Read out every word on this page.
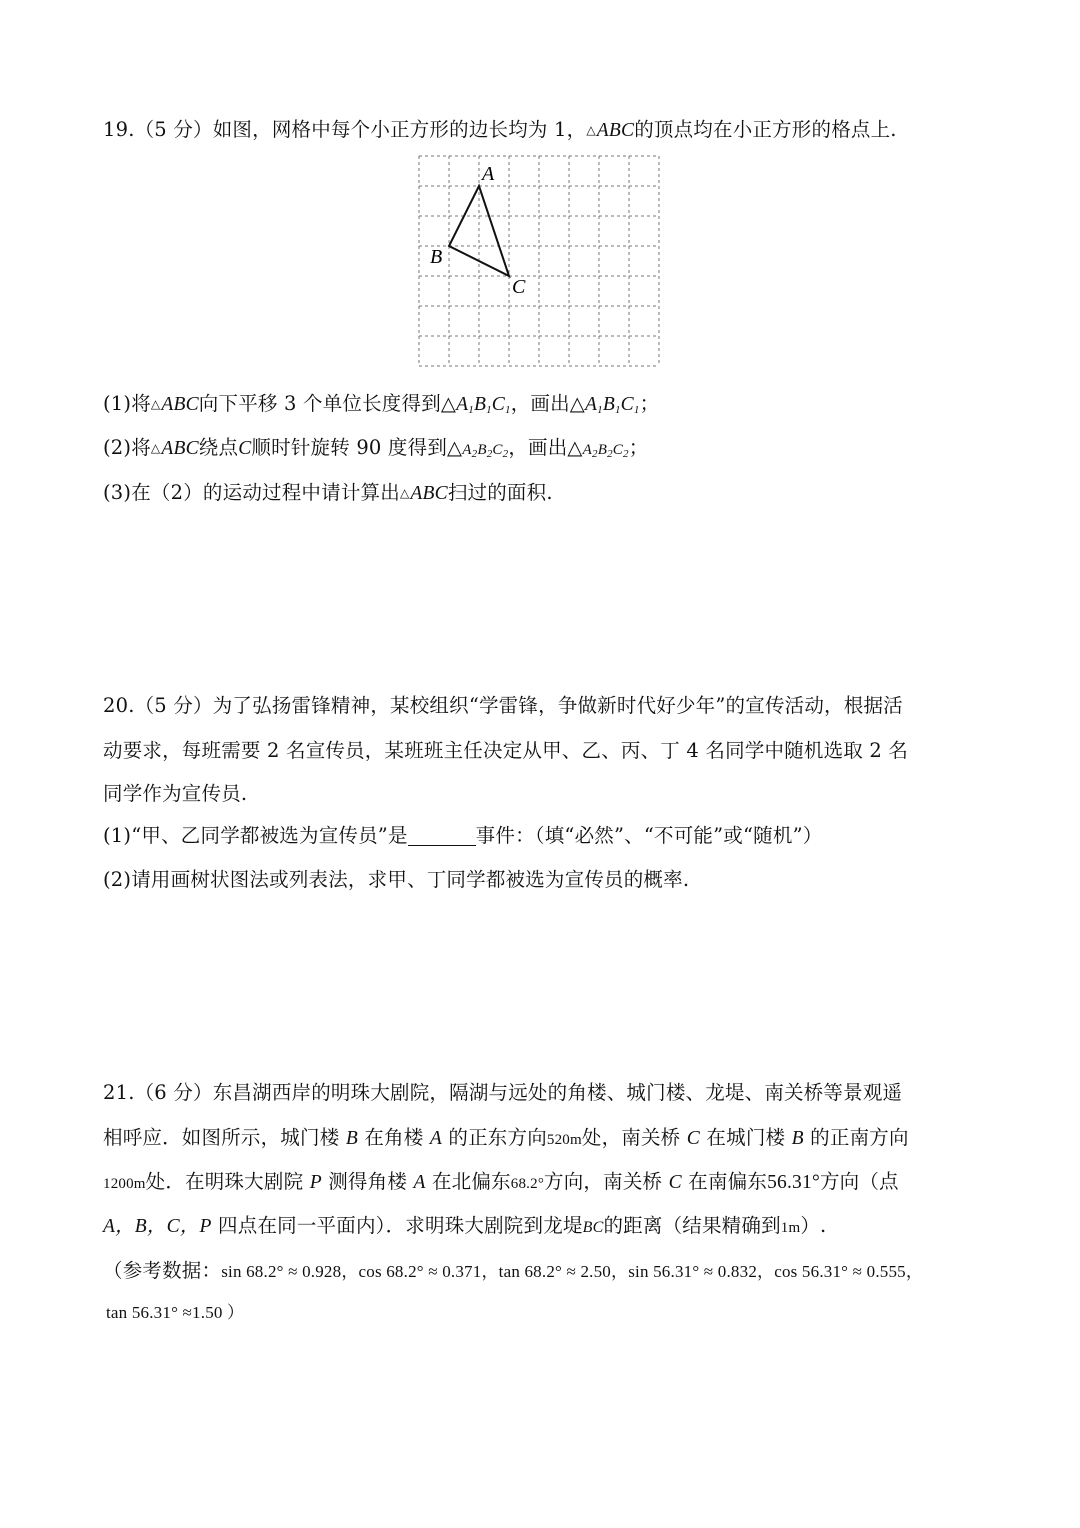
19.（5 分）如图，网格中每个小正方形的边长均为 1，△ABC的顶点均在小正方形的格点上.
A
B
C
(1)将△ABC向下平移 3 个单位长度得到$\triangle A_1B_1C_1$，画出$\triangle A_1B_1C_1$；
(2)将△ABC绕点C顺时针旋转 90 度得到$\triangle A_2B_2C_2$，画出$\triangle A_2B_2C_2$；
(3)在（2）的运动过程中请计算出△ABC扫过的面积.
20.（5 分）为了弘扬雷锋精神，某校组织“学雷锋，争做新时代好少年”的宣传活动，根据活
动要求，每班需要 2 名宣传员，某班班主任决定从甲、乙、丙、丁 4 名同学中随机选取 2 名
同学作为宣传员.
(1)“甲、乙同学都被选为宣传员”是	事件：（填“必然”、“不可能”或“随机”）
(2)请用画树状图法或列表法，求甲、丁同学都被选为宣传员的概率.
21.（6 分）东昌湖西岸的明珠大剧院，隔湖与远处的角楼、城门楼、龙堤、南关桥等景观遥
相呼应．如图所示，城门楼 B 在角楼 A 的正东方向520m处，南关桥 C 在城门楼 B 的正南方向
1200m处．在明珠大剧院 P 测得角楼 A 在北偏东68.2°方向，南关桥 C 在南偏东56.31°方向（点
A，B，C，P 四点在同一平面内）．求明珠大剧院到龙堤BC的距离（结果精确到1m）.
（参考数据：sin 68.2° ≈ 0.928，cos 68.2° ≈ 0.371，tan 68.2° ≈ 2.50，sin 56.31° ≈ 0.832，cos 56.31° ≈ 0.555，
tan 56.31° ≈1.50 ）
